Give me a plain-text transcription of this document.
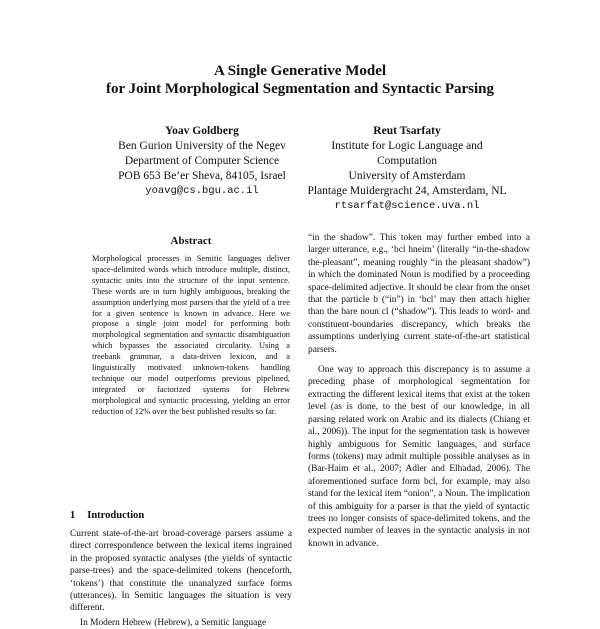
A Single Generative Model
for Joint Morphological Segmentation and Syntactic Parsing
Yoav Goldberg
Ben Gurion University of the Negev
Department of Computer Science
POB 653 Be’er Sheva, 84105, Israel
yoavg@cs.bgu.ac.il
Reut Tsarfaty
Institute for Logic Language and Computation
University of Amsterdam
Plantage Muidergracht 24, Amsterdam, NL
rtsarfat@science.uva.nl
Abstract
Morphological processes in Semitic languages deliver space-delimited words which introduce multiple, distinct, syntactic units into the structure of the input sentence. These words are in turn highly ambiguous, breaking the assumption underlying most parsers that the yield of a tree for a given sentence is known in advance. Here we propose a single joint model for performing both morphological segmentation and syntactic disambiguation which bypasses the associated circularity. Using a treebank grammar, a data-driven lexicon, and a linguistically motivated unknown-tokens handling technique our model outperforms previous pipelined, integrated or factorized systems for Hebrew morphological and syntactic processing, yielding an error reduction of 12% over the best published results so far.
1 Introduction

Current state-of-the-art broad-coverage parsers assume a direct correspondence between the lexical items ingrained in the proposed syntactic analyses (the yields of syntactic parse-trees) and the space-delimited tokens (henceforth, ‘tokens’) that constitute the unanalyzed surface forms (utterances). In Semitic languages the situation is very different.

In Modern Hebrew (Hebrew), a Semitic language

“in the shadow”. This token may further embed into a larger utterance, e.g., ‘bcl hneim’ (literally “in-the-shadow the-pleasant”, meaning roughly “in the pleasant shadow”) in which the dominated Noun is modified by a proceeding space-delimited adjective. It should be clear from the onset that the particle b (“in”) in ‘bcl’ may then attach higher than the bare noun cl (“shadow”). This leads to word- and constituent-boundaries discrepancy, which breaks the assumptions underlying current state-of-the-art statistical parsers.

One way to approach this discrepancy is to assume a preceding phase of morphological segmentation for extracting the different lexical items that exist at the token level (as is done, to the best of our knowledge, in all parsing related work on Arabic and its dialects (Chiang et al., 2006)). The input for the segmentation task is however highly ambiguous for Semitic languages, and surface forms (tokens) may admit multiple possible analyses as in (Bar-Haim et al., 2007; Adler and Elhadad, 2006). The aforementioned surface form bcl, for example, may also stand for the lexical item “onion”, a Noun. The implication of this ambiguity for a parser is that the yield of syntactic trees no longer consists of space-delimited tokens, and the expected number of leaves in the syntactic analysis in not known in advance.
